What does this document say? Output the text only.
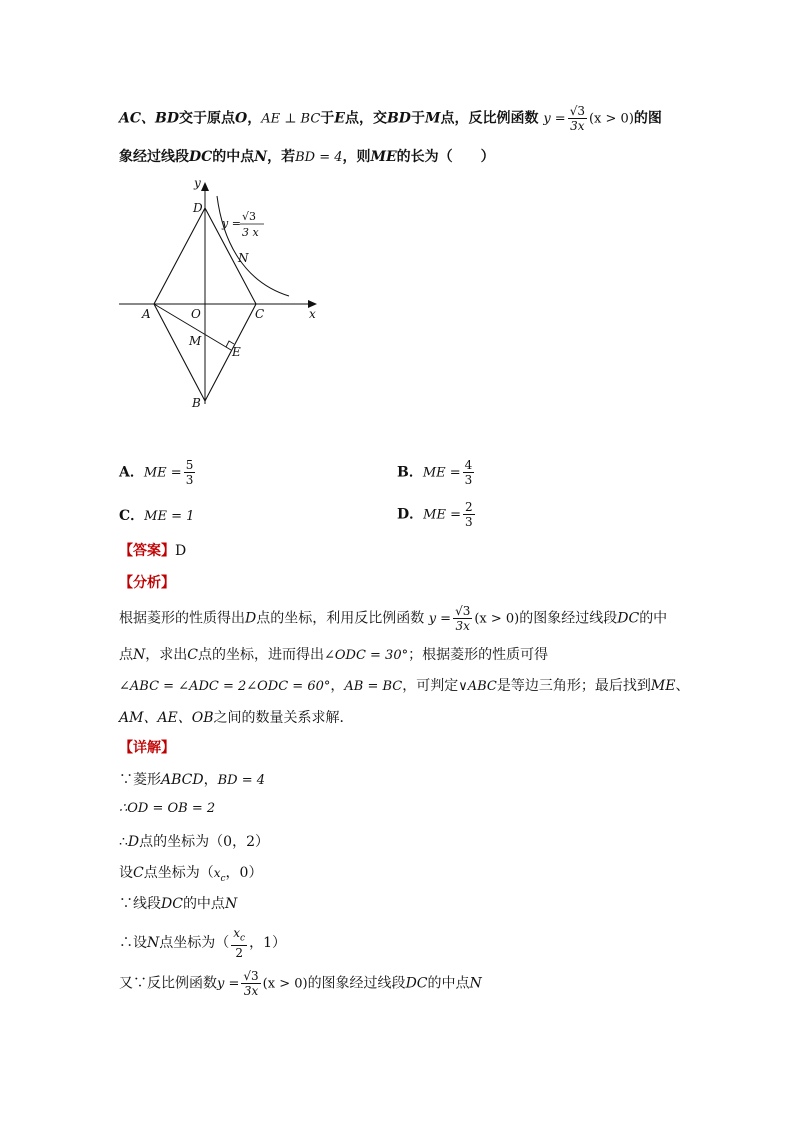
AC、BD交于原点O，AE ⊥ BC于E点，交BD于M点，反比例函数 $y = \frac{√3}{3x} (x > 0)$的图
象经过线段DC的中点N，若BD = 4，则ME的长为（　　）
y
x
D
A	O	C
B
M
E
N
y =
√3
3 x
A．ME = $\frac{5}{3}$	B．ME = $\frac{4}{3}$
C．ME = 1	D．ME = $\frac{2}{3}$
【答案】D
【分析】
根据菱形的性质得出D点的坐标，利用反比例函数 $y = \frac{√3}{3x} (x > 0)$的图象经过线段DC的中
点N，求出C点的坐标，进而得出∠ODC = 30°；根据菱形的性质可得
∠ABC = ∠ADC = 2∠ODC = 60°，AB = BC，可判定∨ABC是等边三角形；最后找到ME、
AM、AE、OB之间的数量关系求解．
【详解】
∵菱形ABCD，BD = 4
∴OD = OB = 2
∴D点的坐标为（0，2）
设C点坐标为（$x_c$，0）
∵线段DC的中点N
∴设N点坐标为（ $\frac{x_c}{2}$ ，1）
又∵反比例函数$y = \frac{√3}{3x} (x > 0)$的图象经过线段DC的中点N
